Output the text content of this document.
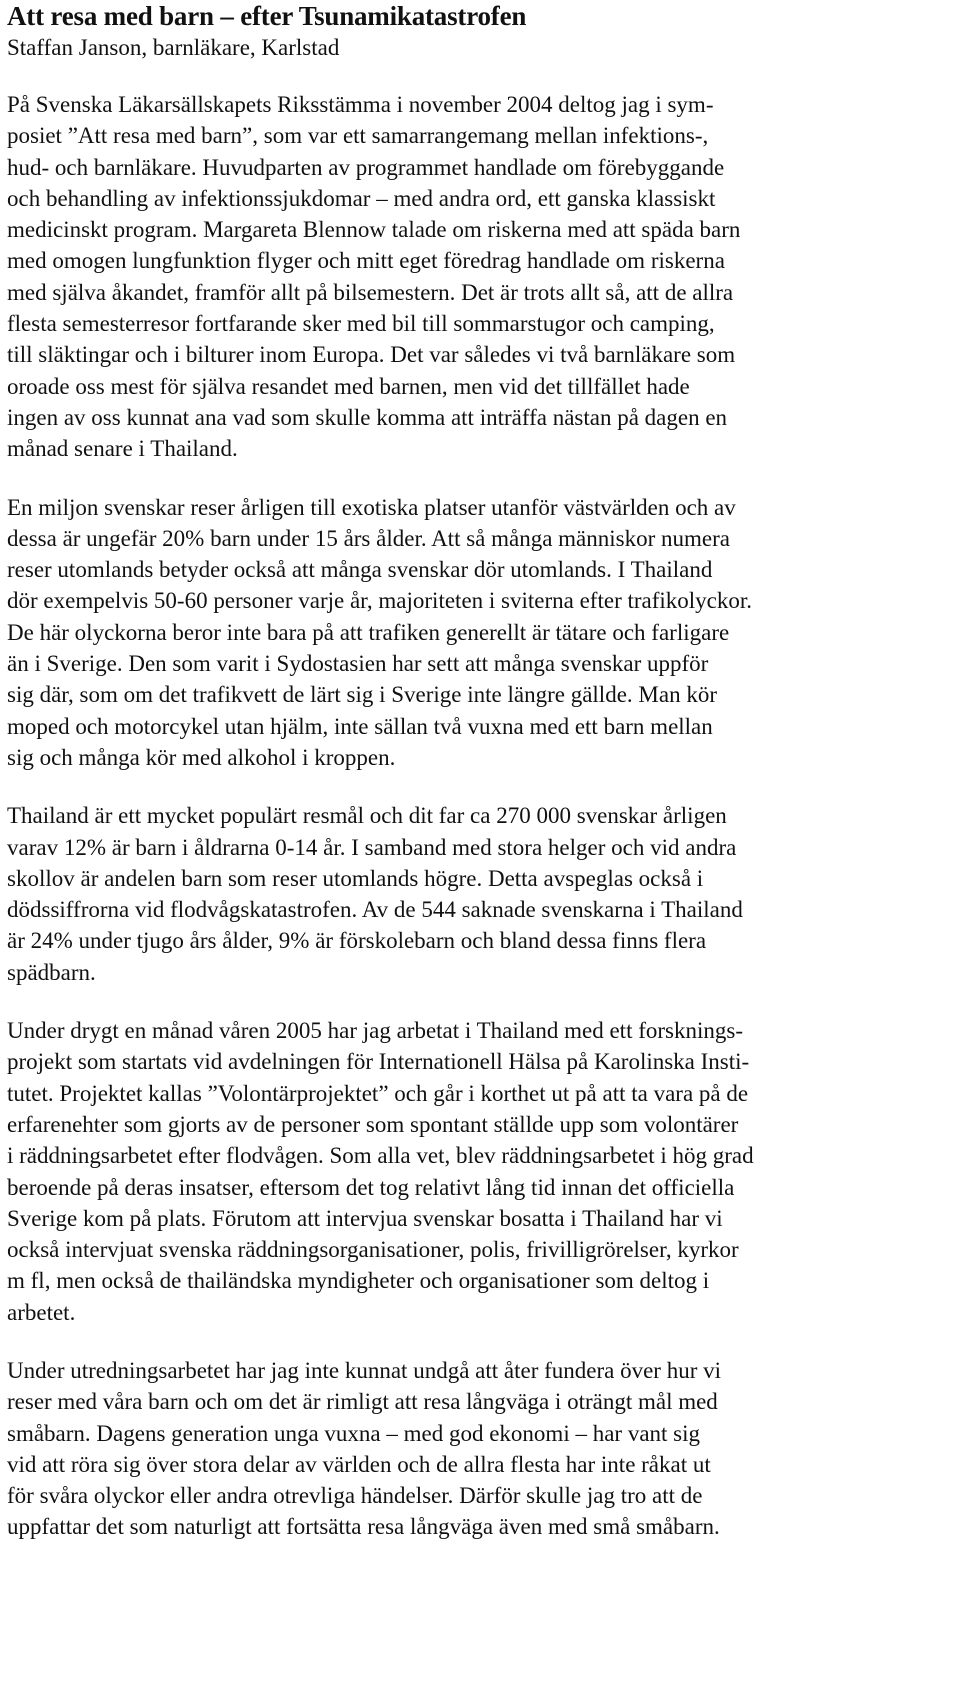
Att resa med barn – efter Tsunamikatastrofen

Staffan Janson, barnläkare, Karlstad

På Svenska Läkarsällskapets Riksstämma i november 2004 deltog jag i sym-
posiet ”Att resa med barn”, som var ett samarrangemang mellan infektions-,
hud- och barnläkare. Huvudparten av programmet handlade om förebyggande
och behandling av infektionssjukdomar – med andra ord, ett ganska klassiskt
medicinskt program. Margareta Blennow talade om riskerna med att späda barn
med omogen lungfunktion flyger och mitt eget föredrag handlade om riskerna
med själva åkandet, framför allt på bilsemestern. Det är trots allt så, att de allra
flesta semesterresor fortfarande sker med bil till sommarstugor och camping,
till släktingar och i bilturer inom Europa. Det var således vi två barnläkare som
oroade oss mest för själva resandet med barnen, men vid det tillfället hade
ingen av oss kunnat ana vad som skulle komma att inträffa nästan på dagen en
månad senare i Thailand.
En miljon svenskar reser årligen till exotiska platser utanför västvärlden och av
dessa är ungefär 20% barn under 15 års ålder. Att så många människor numera
reser utomlands betyder också att många svenskar dör utomlands. I Thailand
dör exempelvis 50-60 personer varje år, majoriteten i sviterna efter trafikolyckor.
De här olyckorna beror inte bara på att trafiken generellt är tätare och farligare
än i Sverige. Den som varit i Sydostasien har sett att många svenskar uppför
sig där, som om det trafikvett de lärt sig i Sverige inte längre gällde. Man kör
moped och motorcykel utan hjälm, inte sällan två vuxna med ett barn mellan
sig och många kör med alkohol i kroppen.
Thailand är ett mycket populärt resmål och dit far ca 270 000 svenskar årligen
varav 12% är barn i åldrarna 0-14 år. I samband med stora helger och vid andra
skollov är andelen barn som reser utomlands högre. Detta avspeglas också i
dödssiffrorna vid flodvågskatastrofen. Av de 544 saknade svenskarna i Thailand
är 24% under tjugo års ålder, 9% är förskolebarn och bland dessa finns flera
spädbarn.
Under drygt en månad våren 2005 har jag arbetat i Thailand med ett forsknings-
projekt som startats vid avdelningen för Internationell Hälsa på Karolinska Insti-
tutet. Projektet kallas ”Volontärprojektet” och går i korthet ut på att ta vara på de
erfarenehter som gjorts av de personer som spontant ställde upp som volontärer
i räddningsarbetet efter flodvågen. Som alla vet, blev räddningsarbetet i hög grad
beroende på deras insatser, eftersom det tog relativt lång tid innan det officiella
Sverige kom på plats. Förutom att intervjua svenskar bosatta i Thailand har vi
också intervjuat svenska räddningsorganisationer, polis, frivilligrörelser, kyrkor
m fl, men också de thailändska myndigheter och organisationer som deltog i
arbetet.
Under utredningsarbetet har jag inte kunnat undgå att åter fundera över hur vi
reser med våra barn och om det är rimligt att resa långväga i oträngt mål med
småbarn. Dagens generation unga vuxna – med god ekonomi – har vant sig
vid att röra sig över stora delar av världen och de allra flesta har inte råkat ut
för svåra olyckor eller andra otrevliga händelser. Därför skulle jag tro att de
uppfattar det som naturligt att fortsätta resa långväga även med små småbarn.
